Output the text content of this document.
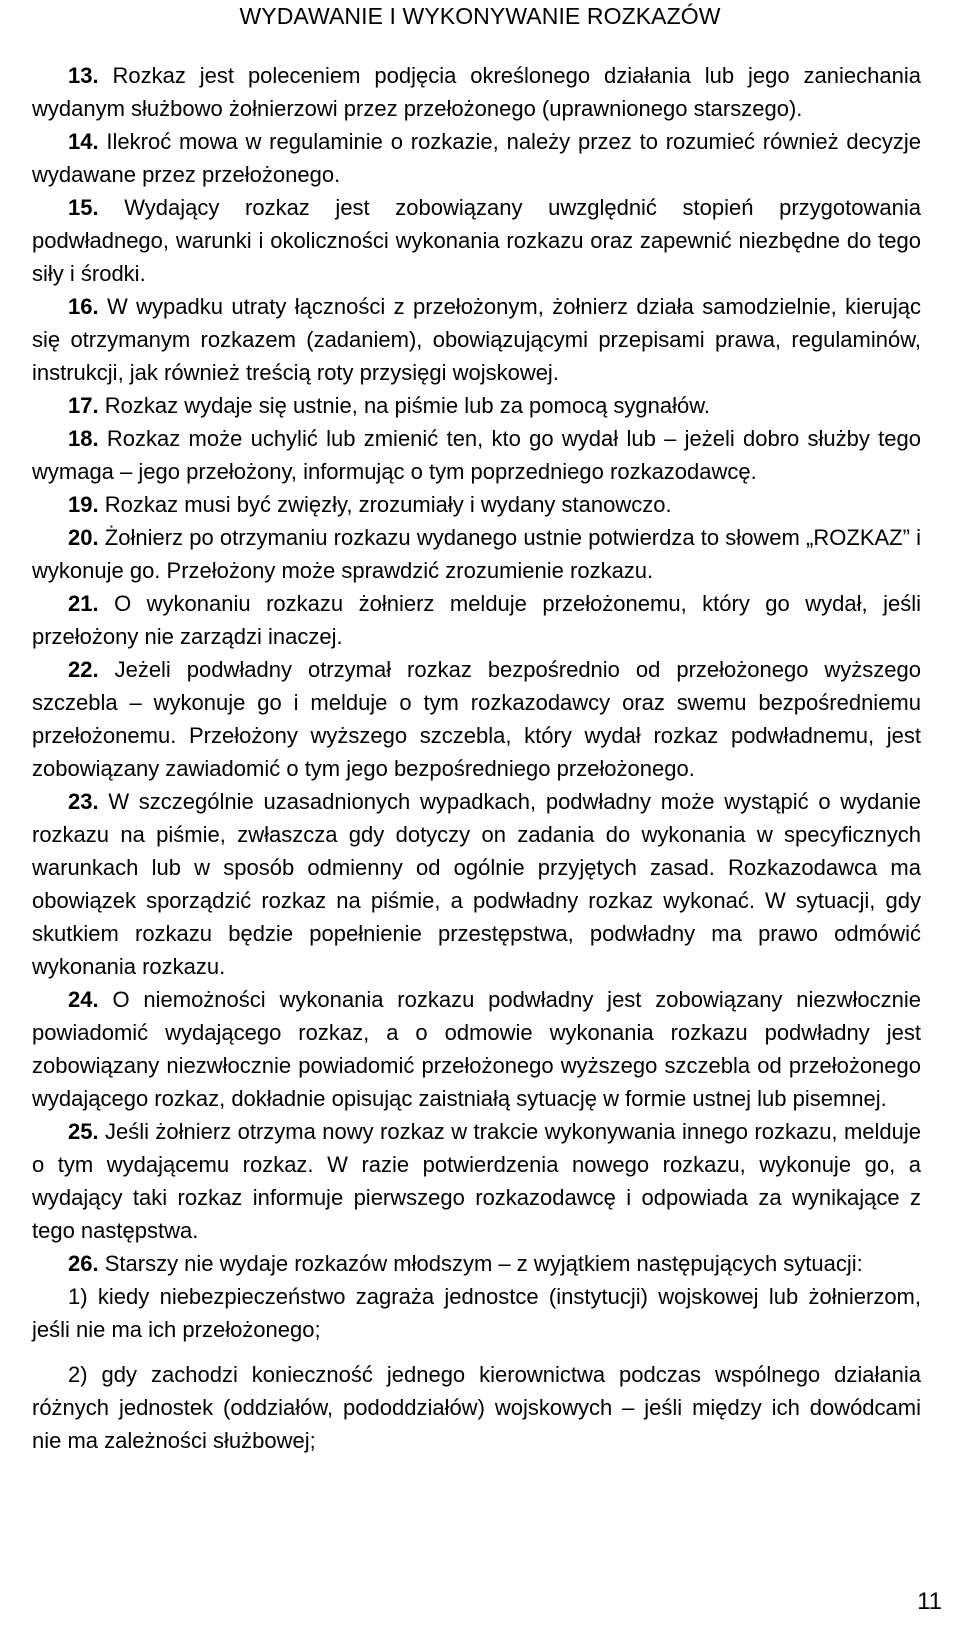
WYDAWANIE I WYKONYWANIE ROZKAZÓW

13. Rozkaz jest poleceniem podjęcia określonego działania lub jego zaniechania wydanym służbowo żołnierzowi przez przełożonego (uprawnionego starszego).

14. Ilekroć mowa w regulaminie o rozkazie, należy przez to rozumieć również decyzje wydawane przez przełożonego.

15. Wydający rozkaz jest zobowiązany uwzględnić stopień przygotowania podwładnego, warunki i okoliczności wykonania rozkazu oraz zapewnić niezbędne do tego siły i środki.

16. W wypadku utraty łączności z przełożonym, żołnierz działa samodzielnie, kierując się otrzymanym rozkazem (zadaniem), obowiązującymi przepisami prawa, regulaminów, instrukcji, jak również treścią roty przysięgi wojskowej.

17. Rozkaz wydaje się ustnie, na piśmie lub za pomocą sygnałów.

18. Rozkaz może uchylić lub zmienić ten, kto go wydał lub – jeżeli dobro służby tego wymaga – jego przełożony, informując o tym poprzedniego rozkazodawcę.

19. Rozkaz musi być zwięzły, zrozumiały i wydany stanowczo.

20. Żołnierz po otrzymaniu rozkazu wydanego ustnie potwierdza to słowem „ROZKAZ” i wykonuje go. Przełożony może sprawdzić zrozumienie rozkazu.

21. O wykonaniu rozkazu żołnierz melduje przełożonemu, który go wydał, jeśli przełożony nie zarządzi inaczej.

22. Jeżeli podwładny otrzymał rozkaz bezpośrednio od przełożonego wyższego szczebla – wykonuje go i melduje o tym rozkazodawcy oraz swemu bezpośredniemu przełożonemu. Przełożony wyższego szczebla, który wydał rozkaz podwładnemu, jest zobowiązany zawiadomić o tym jego bezpośredniego przełożonego.

23. W szczególnie uzasadnionych wypadkach, podwładny może wystąpić o wydanie rozkazu na piśmie, zwłaszcza gdy dotyczy on zadania do wykonania w specyficznych warunkach lub w sposób odmienny od ogólnie przyjętych zasad. Rozkazodawca ma obowiązek sporządzić rozkaz na piśmie, a podwładny rozkaz wykonać. W sytuacji, gdy skutkiem rozkazu będzie popełnienie przestępstwa, podwładny ma prawo odmówić wykonania rozkazu.

24. O niemożności wykonania rozkazu podwładny jest zobowiązany niezwłocznie powiadomić wydającego rozkaz, a o odmowie wykonania rozkazu podwładny jest zobowiązany niezwłocznie powiadomić przełożonego wyższego szczebla od przełożonego wydającego rozkaz, dokładnie opisując zaistniałą sytuację w formie ustnej lub pisemnej.

25. Jeśli żołnierz otrzyma nowy rozkaz w trakcie wykonywania innego rozkazu, melduje o tym wydającemu rozkaz. W razie potwierdzenia nowego rozkazu, wykonuje go, a wydający taki rozkaz informuje pierwszego rozkazodawcę i odpowiada za wynikające z tego następstwa.

26. Starszy nie wydaje rozkazów młodszym – z wyjątkiem następujących sytuacji:

1) kiedy niebezpieczeństwo zagraża jednostce (instytucji) wojskowej lub żołnierzom, jeśli nie ma ich przełożonego;

2) gdy zachodzi konieczność jednego kierownictwa podczas wspólnego działania różnych jednostek (oddziałów, pododdziałów) wojskowych – jeśli między ich dowódcami nie ma zależności służbowej;

11
